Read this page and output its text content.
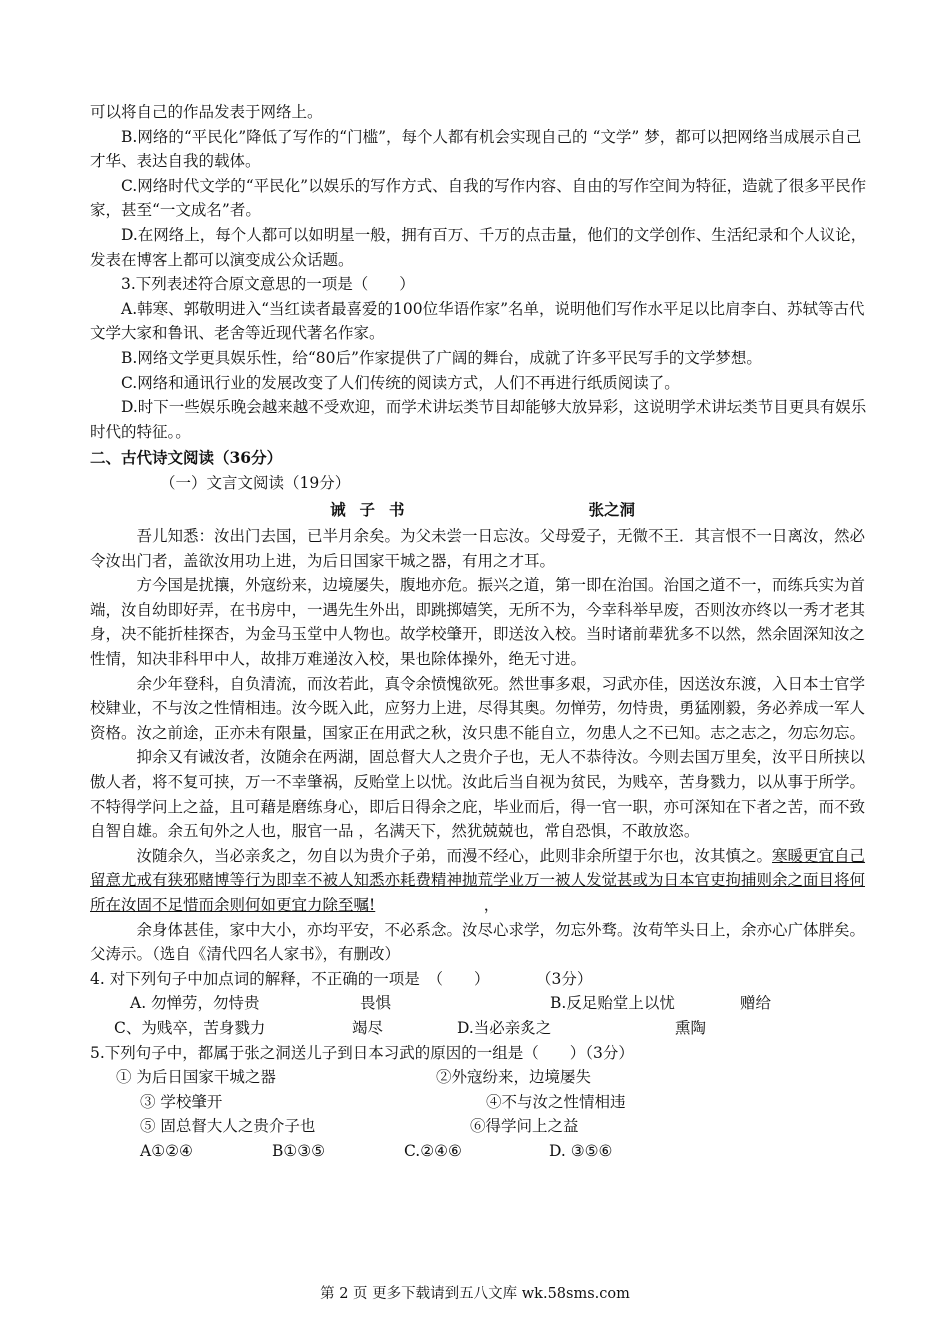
可以将自己的作品发表于网络上。

B.网络的“平民化”降低了写作的“门槛”，每个人都有机会实现自己的 “文学” 梦，都可以把网络当成展示自己才华、表达自我的载体。

C.网络时代文学的“平民化”以娱乐的写作方式、自我的写作内容、自由的写作空间为特征，造就了很多平民作家，甚至“一文成名”者。

D.在网络上，每个人都可以如明星一般，拥有百万、千万的点击量，他们的文学创作、生活纪录和个人议论，发表在博客上都可以演变成公众话题。

3.下列表述符合原文意思的一项是（　　）

A.韩寒、郭敬明进入“当红读者最喜爱的100位华语作家”名单，说明他们写作水平足以比肩李白、苏轼等古代文学大家和鲁讯、老舍等近现代著名作家。

B.网络文学更具娱乐性，给“80后”作家提供了广阔的舞台，成就了许多平民写手的文学梦想。

C.网络和通讯行业的发展改变了人们传统的阅读方式，人们不再进行纸质阅读了。

D.时下一些娱乐晚会越来越不受欢迎，而学术讲坛类节目却能够大放异彩，这说明学术讲坛类节目更具有娱乐时代的特征。。

二、古代诗文阅读（36分）

（一）文言文阅读（19分）

诫子书	张之洞

吾儿知悉：汝出门去国，已半月余矣。为父未尝一日忘汝。父母爱子，无微不王．其言恨不一日离汝，然必令汝出门者，盖欲汝用功上进，为后日国家干城之器，有用之才耳。

方今国是扰攘，外寇纷来，边境屡失，腹地亦危。振兴之道，第一即在治国。治国之道不一，而练兵实为首端，汝自幼即好弄，在书房中，一遇先生外出，即跳掷嬉笑，无所不为，今幸科举早废，否则汝亦终以一秀才老其身，决不能折桂探杏，为金马玉堂中人物也。故学校肇开，即送汝入校。当时诸前辈犹多不以然，然余固深知汝之性情，知决非科甲中人，故排万难递汝入校，果也除体操外，绝无寸进。

余少年登科，自负清流，而汝若此，真令余愤愧欲死。然世事多艰，习武亦佳，因送汝东渡，入日本士官学校肄业，不与汝之性情相违。汝今既入此，应努力上进，尽得其奥。勿惮劳，勿恃贵，勇猛刚毅，务必养成一军人资格。汝之前途，正亦未有限量，国家正在用武之秋，汝只患不能自立，勿患人之不已知。志之志之，勿忘勿忘。

抑余又有诫汝者，汝随余在两湖，固总督大人之贵介子也，无人不恭待汝。今则去国万里矣，汝平日所挟以傲人者，将不复可挟，万一不幸肇祸，反贻堂上以忧。汝此后当自视为贫民，为贱卒，苦身戮力，以从事于所学。不特得学问上之益，且可藉是磨练身心，即后日得余之庇，毕业而后，得一官一职，亦可深知在下者之苦，而不致自智自雄。余五旬外之人也，服官一品 ，名满天下，然犹兢兢也，常自恐惧，不敢放恣。

汝随余久，当必亲炙之，勿自以为贵介子弟，而漫不经心，此则非余所望于尔也，汝其慎之。寒暖更宜自己留意尤戒有狭邪赌博等行为即幸不被人知悉亦耗费精神抛荒学业万一被人发觉甚或为日本官吏拘捕则余之面目将何所在汝固不足惜而余则何如更宜力除至嘱!　　　　　　　	，

余身体甚佳，家中大小，亦均平安，不必系念。汝尽心求学，勿忘外骛。汝苟竿头日上，余亦心广体胖矣。父涛示。（选自《清代四名人家书》，有删改）

4. 对下列句子中加点词的解释，不正确的一项是　（　　）　　　　（3分）

A. 勿惮劳，勿恃贵	畏惧	B.反足贻堂上以忧	赠给
C、为贱卒，苦身戮力	竭尽	D.当必亲炙之	熏陶

5.下列句子中，都属于张之洞送儿子到日本习武的原因的一组是（　　）（3分）

① 为后日国家干城之器	②外寇纷来，边境屡失
③ 学校肇开	④不与汝之性情相违
⑤ 固总督大人之贵介子也	⑥得学问上之益
A①②④	B①③⑤	C.②④⑥	D. ③⑤⑥
第 2 页 更多下载请到五八文库 wk.58sms.com
